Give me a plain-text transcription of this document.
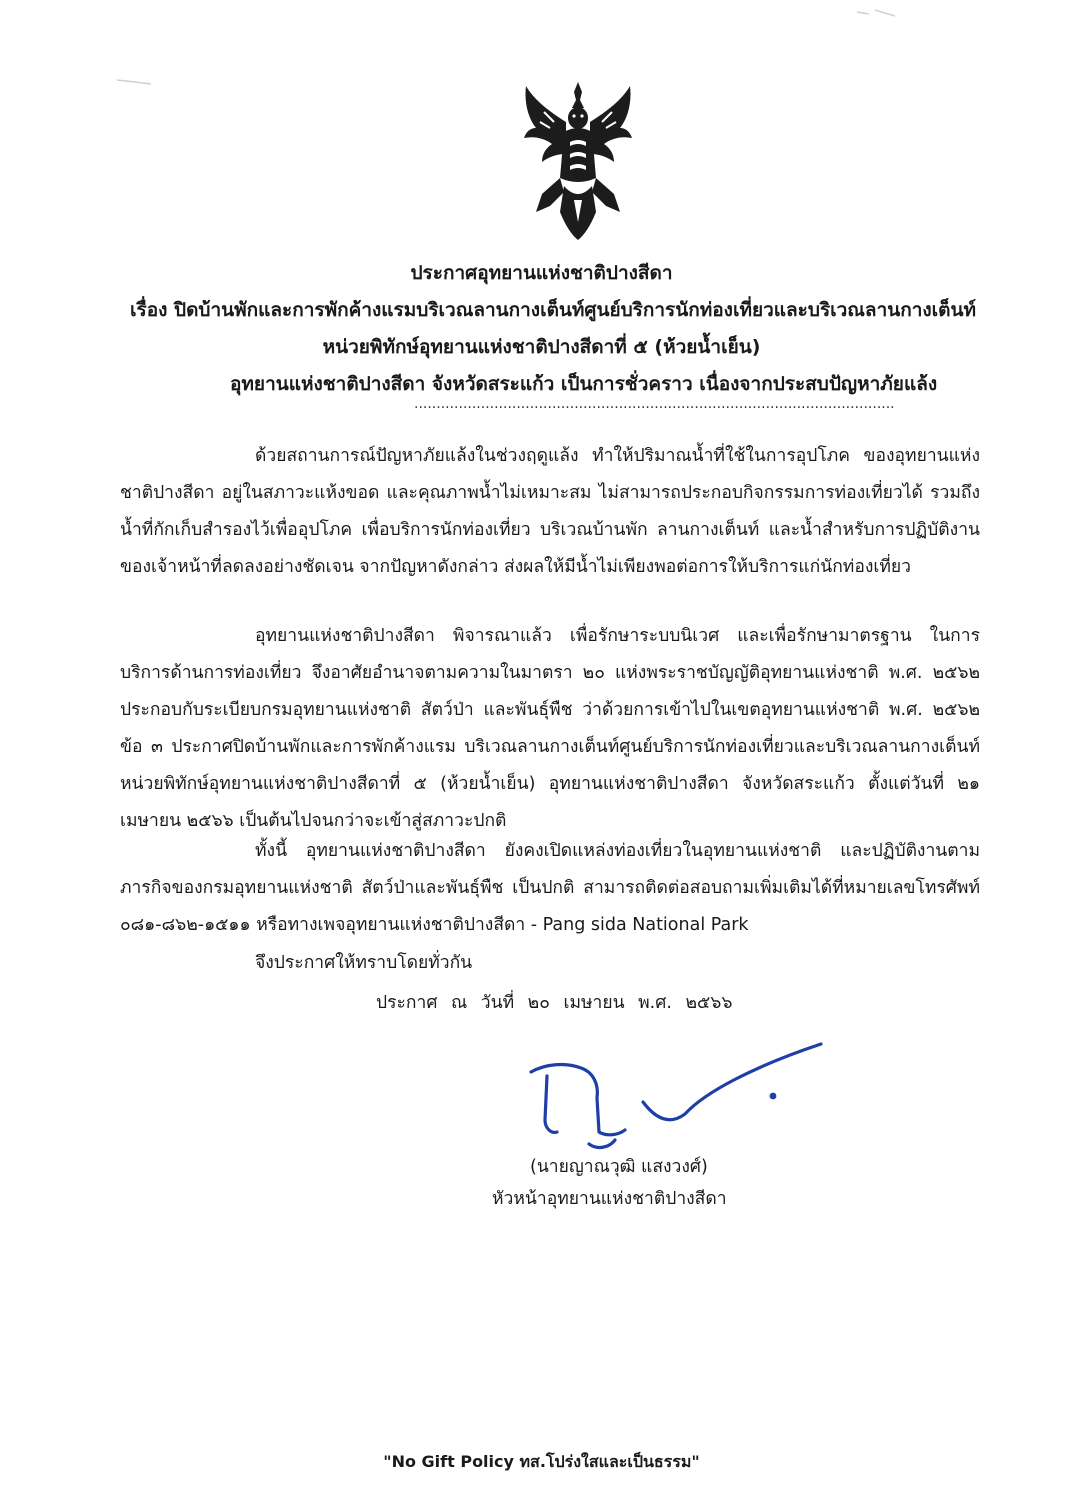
ประกาศอุทยานแห่งชาติปางสีดา
เรื่อง ปิดบ้านพักและการพักค้างแรมบริเวณลานกางเต็นท์ศูนย์บริการนักท่องเที่ยวและบริเวณลานกางเต็นท์
หน่วยพิทักษ์อุทยานแห่งชาติปางสีดาที่ ๕ (ห้วยน้ำเย็น)
อุทยานแห่งชาติปางสีดา จังหวัดสระแก้ว เป็นการชั่วคราว เนื่องจากประสบปัญหาภัยแล้ง
............................................................................................................
ด้วยสถานการณ์ปัญหาภัยแล้งในช่วงฤดูแล้ง ทำให้ปริมาณน้ำที่ใช้ในการอุปโภค ของอุทยานแห่งชาติปางสีดา อยู่ในสภาวะแห้งขอด และคุณภาพน้ำไม่เหมาะสม ไม่สามารถประกอบกิจกรรมการท่องเที่ยวได้ รวมถึงน้ำที่กักเก็บสำรองไว้เพื่ออุปโภค เพื่อบริการนักท่องเที่ยว บริเวณบ้านพัก ลานกางเต็นท์ และน้ำสำหรับการปฏิบัติงานของเจ้าหน้าที่ลดลงอย่างชัดเจน จากปัญหาดังกล่าว ส่งผลให้มีน้ำไม่เพียงพอต่อการให้บริการแก่นักท่องเที่ยว
อุทยานแห่งชาติปางสีดา พิจารณาแล้ว เพื่อรักษาระบบนิเวศ และเพื่อรักษามาตรฐาน ในการบริการด้านการท่องเที่ยว จึงอาศัยอำนาจตามความในมาตรา ๒๐ แห่งพระราชบัญญัติอุทยานแห่งชาติ พ.ศ. ๒๕๖๒ ประกอบกับระเบียบกรมอุทยานแห่งชาติ สัตว์ป่า และพันธุ์พืช ว่าด้วยการเข้าไปในเขตอุทยานแห่งชาติ พ.ศ. ๒๕๖๒ ข้อ ๓ ประกาศปิดบ้านพักและการพักค้างแรม บริเวณลานกางเต็นท์ศูนย์บริการนักท่องเที่ยวและบริเวณลานกางเต็นท์หน่วยพิทักษ์อุทยานแห่งชาติปางสีดาที่ ๕ (ห้วยน้ำเย็น) อุทยานแห่งชาติปางสีดา จังหวัดสระแก้ว ตั้งแต่วันที่ ๒๑ เมษายน ๒๕๖๖ เป็นต้นไปจนกว่าจะเข้าสู่สภาวะปกติ
ทั้งนี้ อุทยานแห่งชาติปางสีดา ยังคงเปิดแหล่งท่องเที่ยวในอุทยานแห่งชาติ และปฏิบัติงานตามภารกิจของกรมอุทยานแห่งชาติ สัตว์ป่าและพันธุ์พืช เป็นปกติ สามารถติดต่อสอบถามเพิ่มเติมได้ที่หมายเลขโทรศัพท์ ๐๘๑-๘๖๒-๑๕๑๑ หรือทางเพจอุทยานแห่งชาติปางสีดา - Pang sida National Park
จึงประกาศให้ทราบโดยทั่วกัน
ประกาศ ณ วันที่ ๒๐ เมษายน พ.ศ. ๒๕๖๖
(นายญาณวุฒิ แสงวงศ์)
หัวหน้าอุทยานแห่งชาติปางสีดา
"No Gift Policy ทส.โปร่งใสและเป็นธรรม"
